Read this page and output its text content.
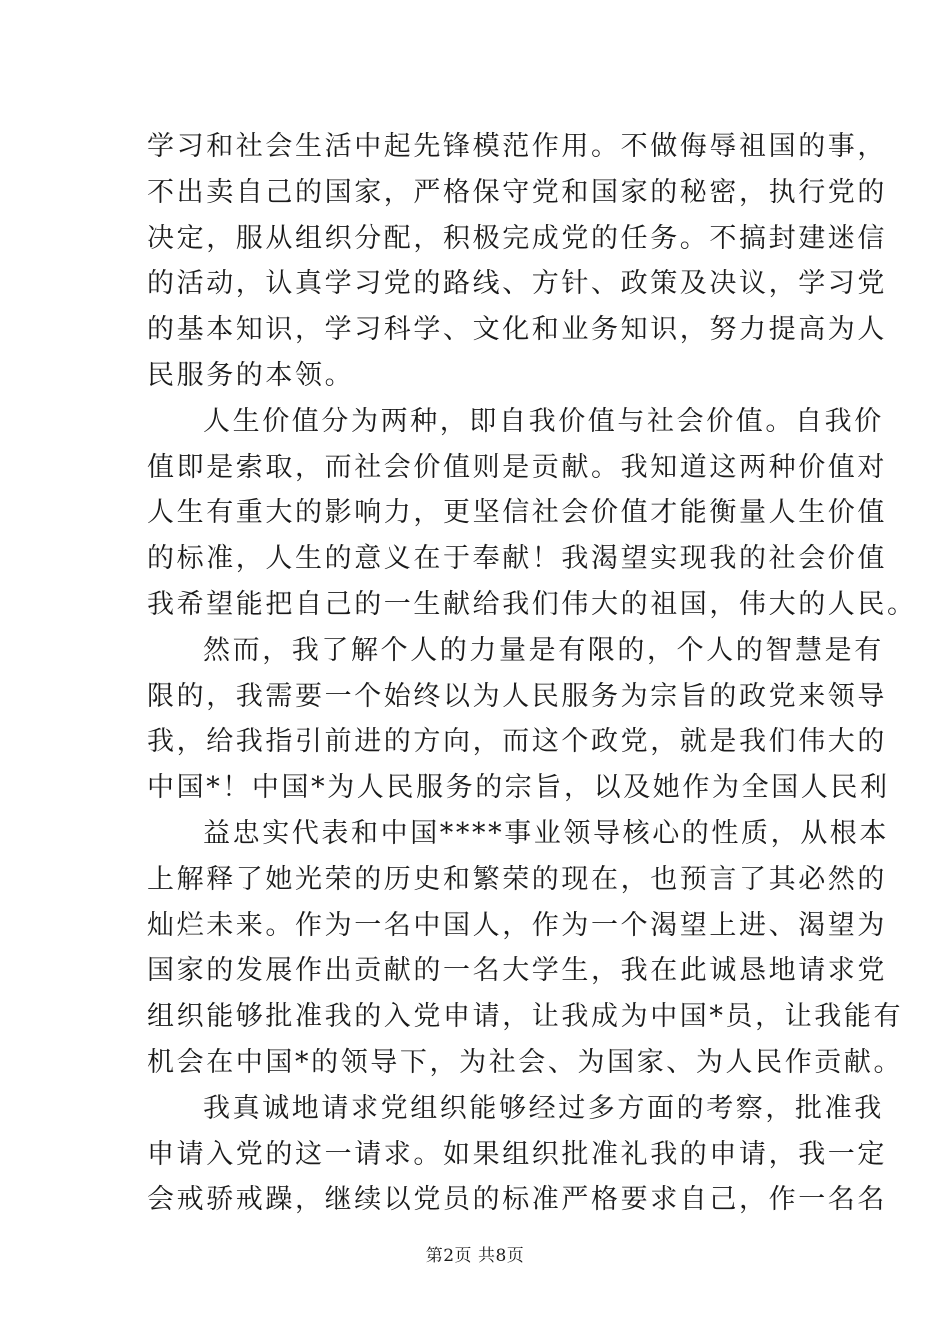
学习和社会生活中起先锋模范作用。不做侮辱祖国的事，
不出卖自己的国家，严格保守党和国家的秘密，执行党的
决定，服从组织分配，积极完成党的任务。不搞封建迷信
的活动，认真学习党的路线、方针、政策及决议，学习党
的基本知识，学习科学、文化和业务知识，努力提高为人
民服务的本领。
人生价值分为两种，即自我价值与社会价值。自我价
值即是索取，而社会价值则是贡献。我知道这两种价值对
人生有重大的影响力，更坚信社会价值才能衡量人生价值
的标准，人生的意义在于奉献！我渴望实现我的社会价值
我希望能把自己的一生献给我们伟大的祖国，伟大的人民。
然而，我了解个人的力量是有限的，个人的智慧是有
限的，我需要一个始终以为人民服务为宗旨的政党来领导
我，给我指引前进的方向，而这个政党，就是我们伟大的
中国*！中国*为人民服务的宗旨，以及她作为全国人民利
益忠实代表和中国****事业领导核心的性质，从根本
上解释了她光荣的历史和繁荣的现在，也预言了其必然的
灿烂未来。作为一名中国人，作为一个渴望上进、渴望为
国家的发展作出贡献的一名大学生，我在此诚恳地请求党
组织能够批准我的入党申请，让我成为中国*员，让我能有
机会在中国*的领导下，为社会、为国家、为人民作贡献。
我真诚地请求党组织能够经过多方面的考察，批准我
申请入党的这一请求。如果组织批准礼我的申请，我一定
会戒骄戒躁，继续以党员的标准严格要求自己，作一名名
第2页 共8页
